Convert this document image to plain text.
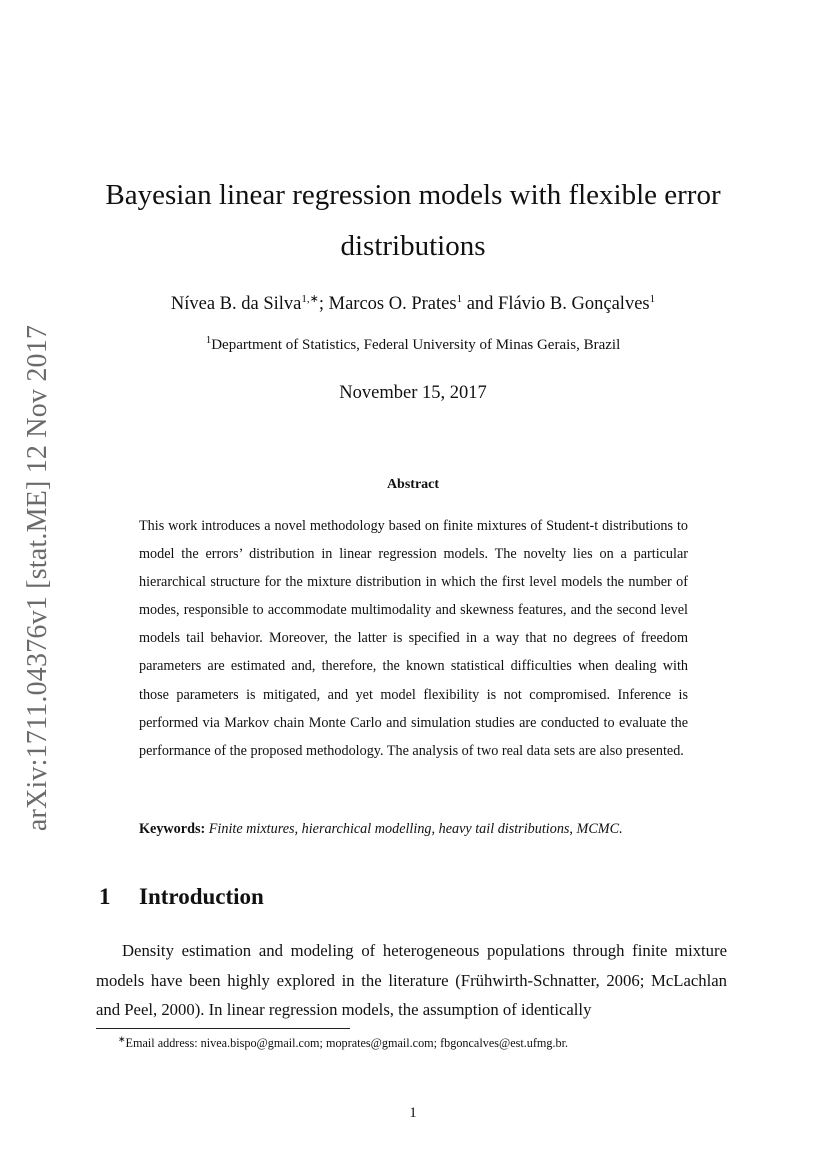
arXiv:1711.04376v1 [stat.ME] 12 Nov 2017
Bayesian linear regression models with flexible error
distributions
Nívea B. da Silva$^{1,∗}$; Marcos O. Prates$^1$ and Flávio B. Gonçalves$^1$
$^1$Department of Statistics, Federal University of Minas Gerais, Brazil
November 15, 2017
Abstract
This work introduces a novel methodology based on finite mixtures of Student-t distributions to model the errors’ distribution in linear regression models. The novelty lies on a particular hierarchical structure for the mixture distribution in which the first level models the number of modes, responsible to accommodate multimodality and skewness features, and the second level models tail behavior. Moreover, the latter is specified in a way that no degrees of freedom parameters are estimated and, therefore, the known statistical difficulties when dealing with those parameters is mitigated, and yet model flexibility is not compromised. Inference is performed via Markov chain Monte Carlo and simulation studies are conducted to evaluate the performance of the proposed methodology. The analysis of two real data sets are also presented.
Keywords: Finite mixtures, hierarchical modelling, heavy tail distributions, MCMC.
1 Introduction
Density estimation and modeling of heterogeneous populations through finite mixture models have been highly explored in the literature (Frühwirth-Schnatter, 2006; McLachlan and Peel, 2000). In linear regression models, the assumption of identically
∗Email address: nivea.bispo@gmail.com; moprates@gmail.com; fbgoncalves@est.ufmg.br.
1
